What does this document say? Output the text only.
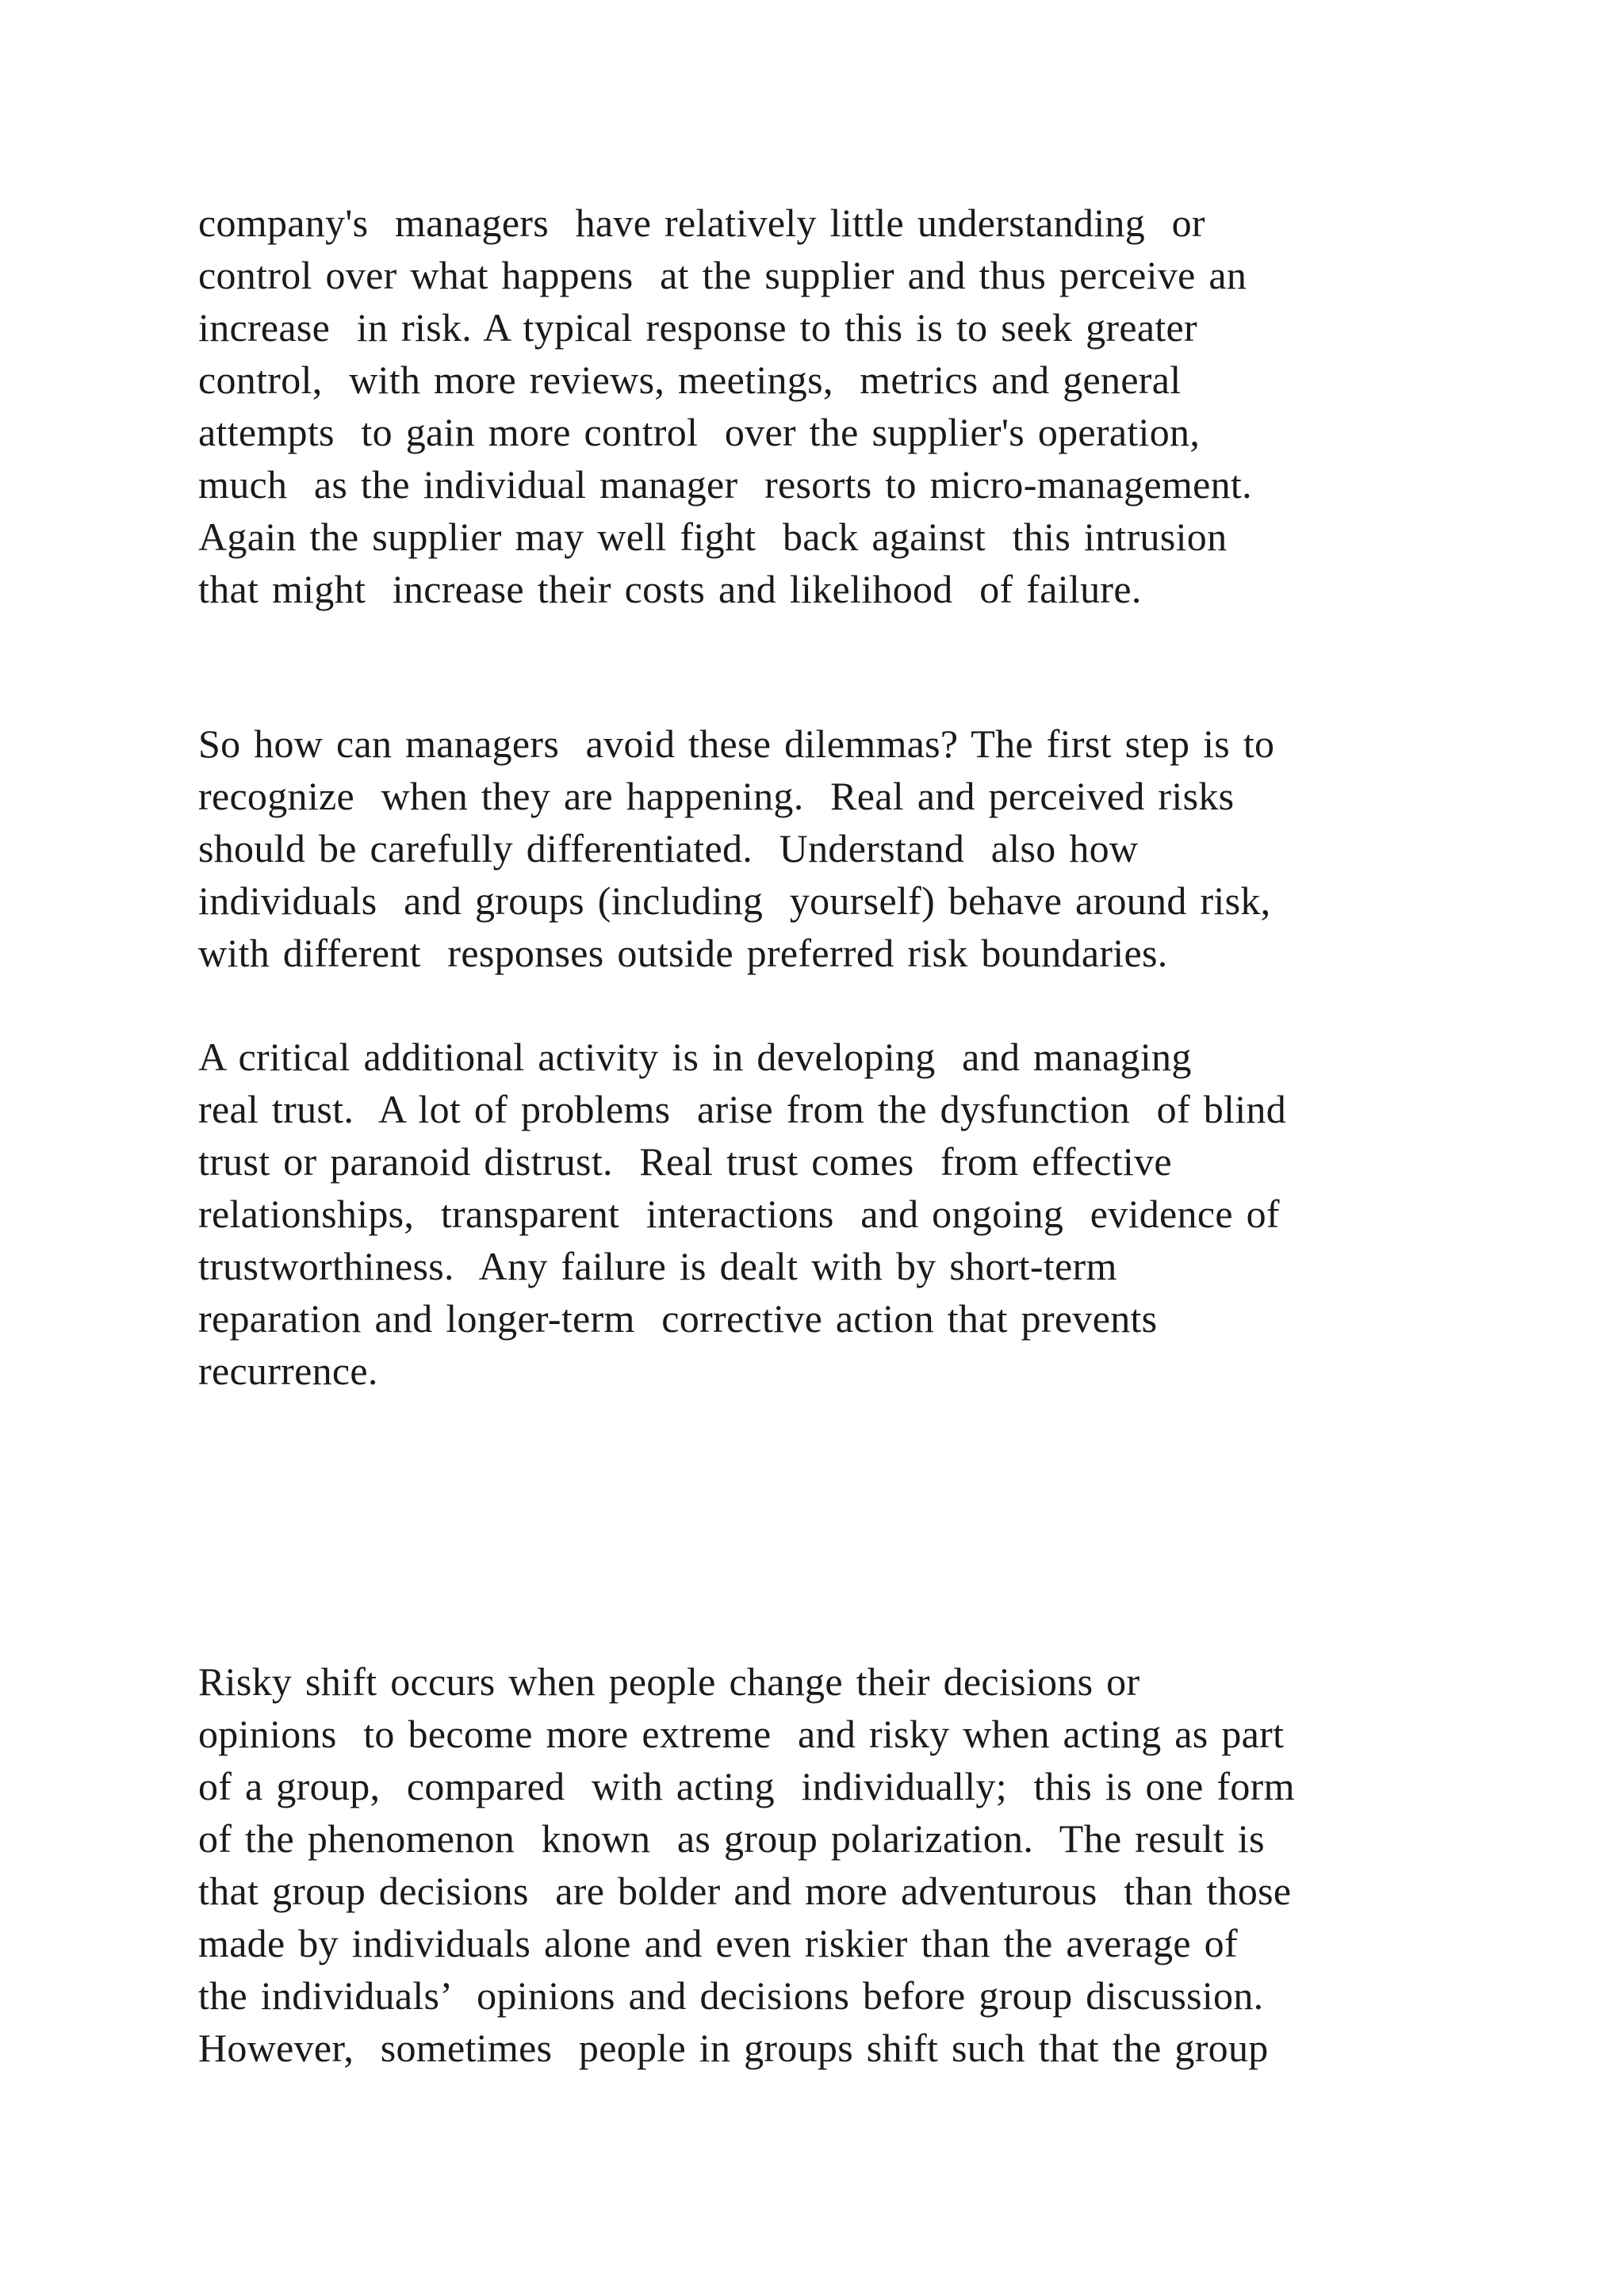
company's  managers  have relatively little understanding  or

control over what happens  at the supplier and thus perceive an

increase  in risk. A typical response to this is to seek greater

control,  with more reviews, meetings,  metrics and general

attempts  to gain more control  over the supplier's operation,

much  as the individual manager  resorts to micro-management.

Again the supplier may well fight  back against  this intrusion

that might  increase their costs and likelihood  of failure.

So how can managers  avoid these dilemmas? The first step is to

recognize  when they are happening.  Real and perceived risks

should be carefully differentiated.  Understand  also how

individuals  and groups (including  yourself) behave around risk,

with different  responses outside preferred risk boundaries.

A critical additional activity is in developing  and managing

real trust.  A lot of problems  arise from the dysfunction  of blind

trust or paranoid distrust.  Real trust comes  from effective

relationships,  transparent  interactions  and ongoing  evidence of

trustworthiness.  Any failure is dealt with by short-term

reparation and longer-term  corrective action that prevents

recurrence.

Risky shift occurs when people change their decisions or

opinions  to become more extreme  and risky when acting as part

of a group,  compared  with acting  individually;  this is one form

of the phenomenon  known  as group polarization.  The result is

that group decisions  are bolder and more adventurous  than those

made by individuals alone and even riskier than the average of

the individuals’  opinions and decisions before group discussion.

However,  sometimes  people in groups shift such that the group
